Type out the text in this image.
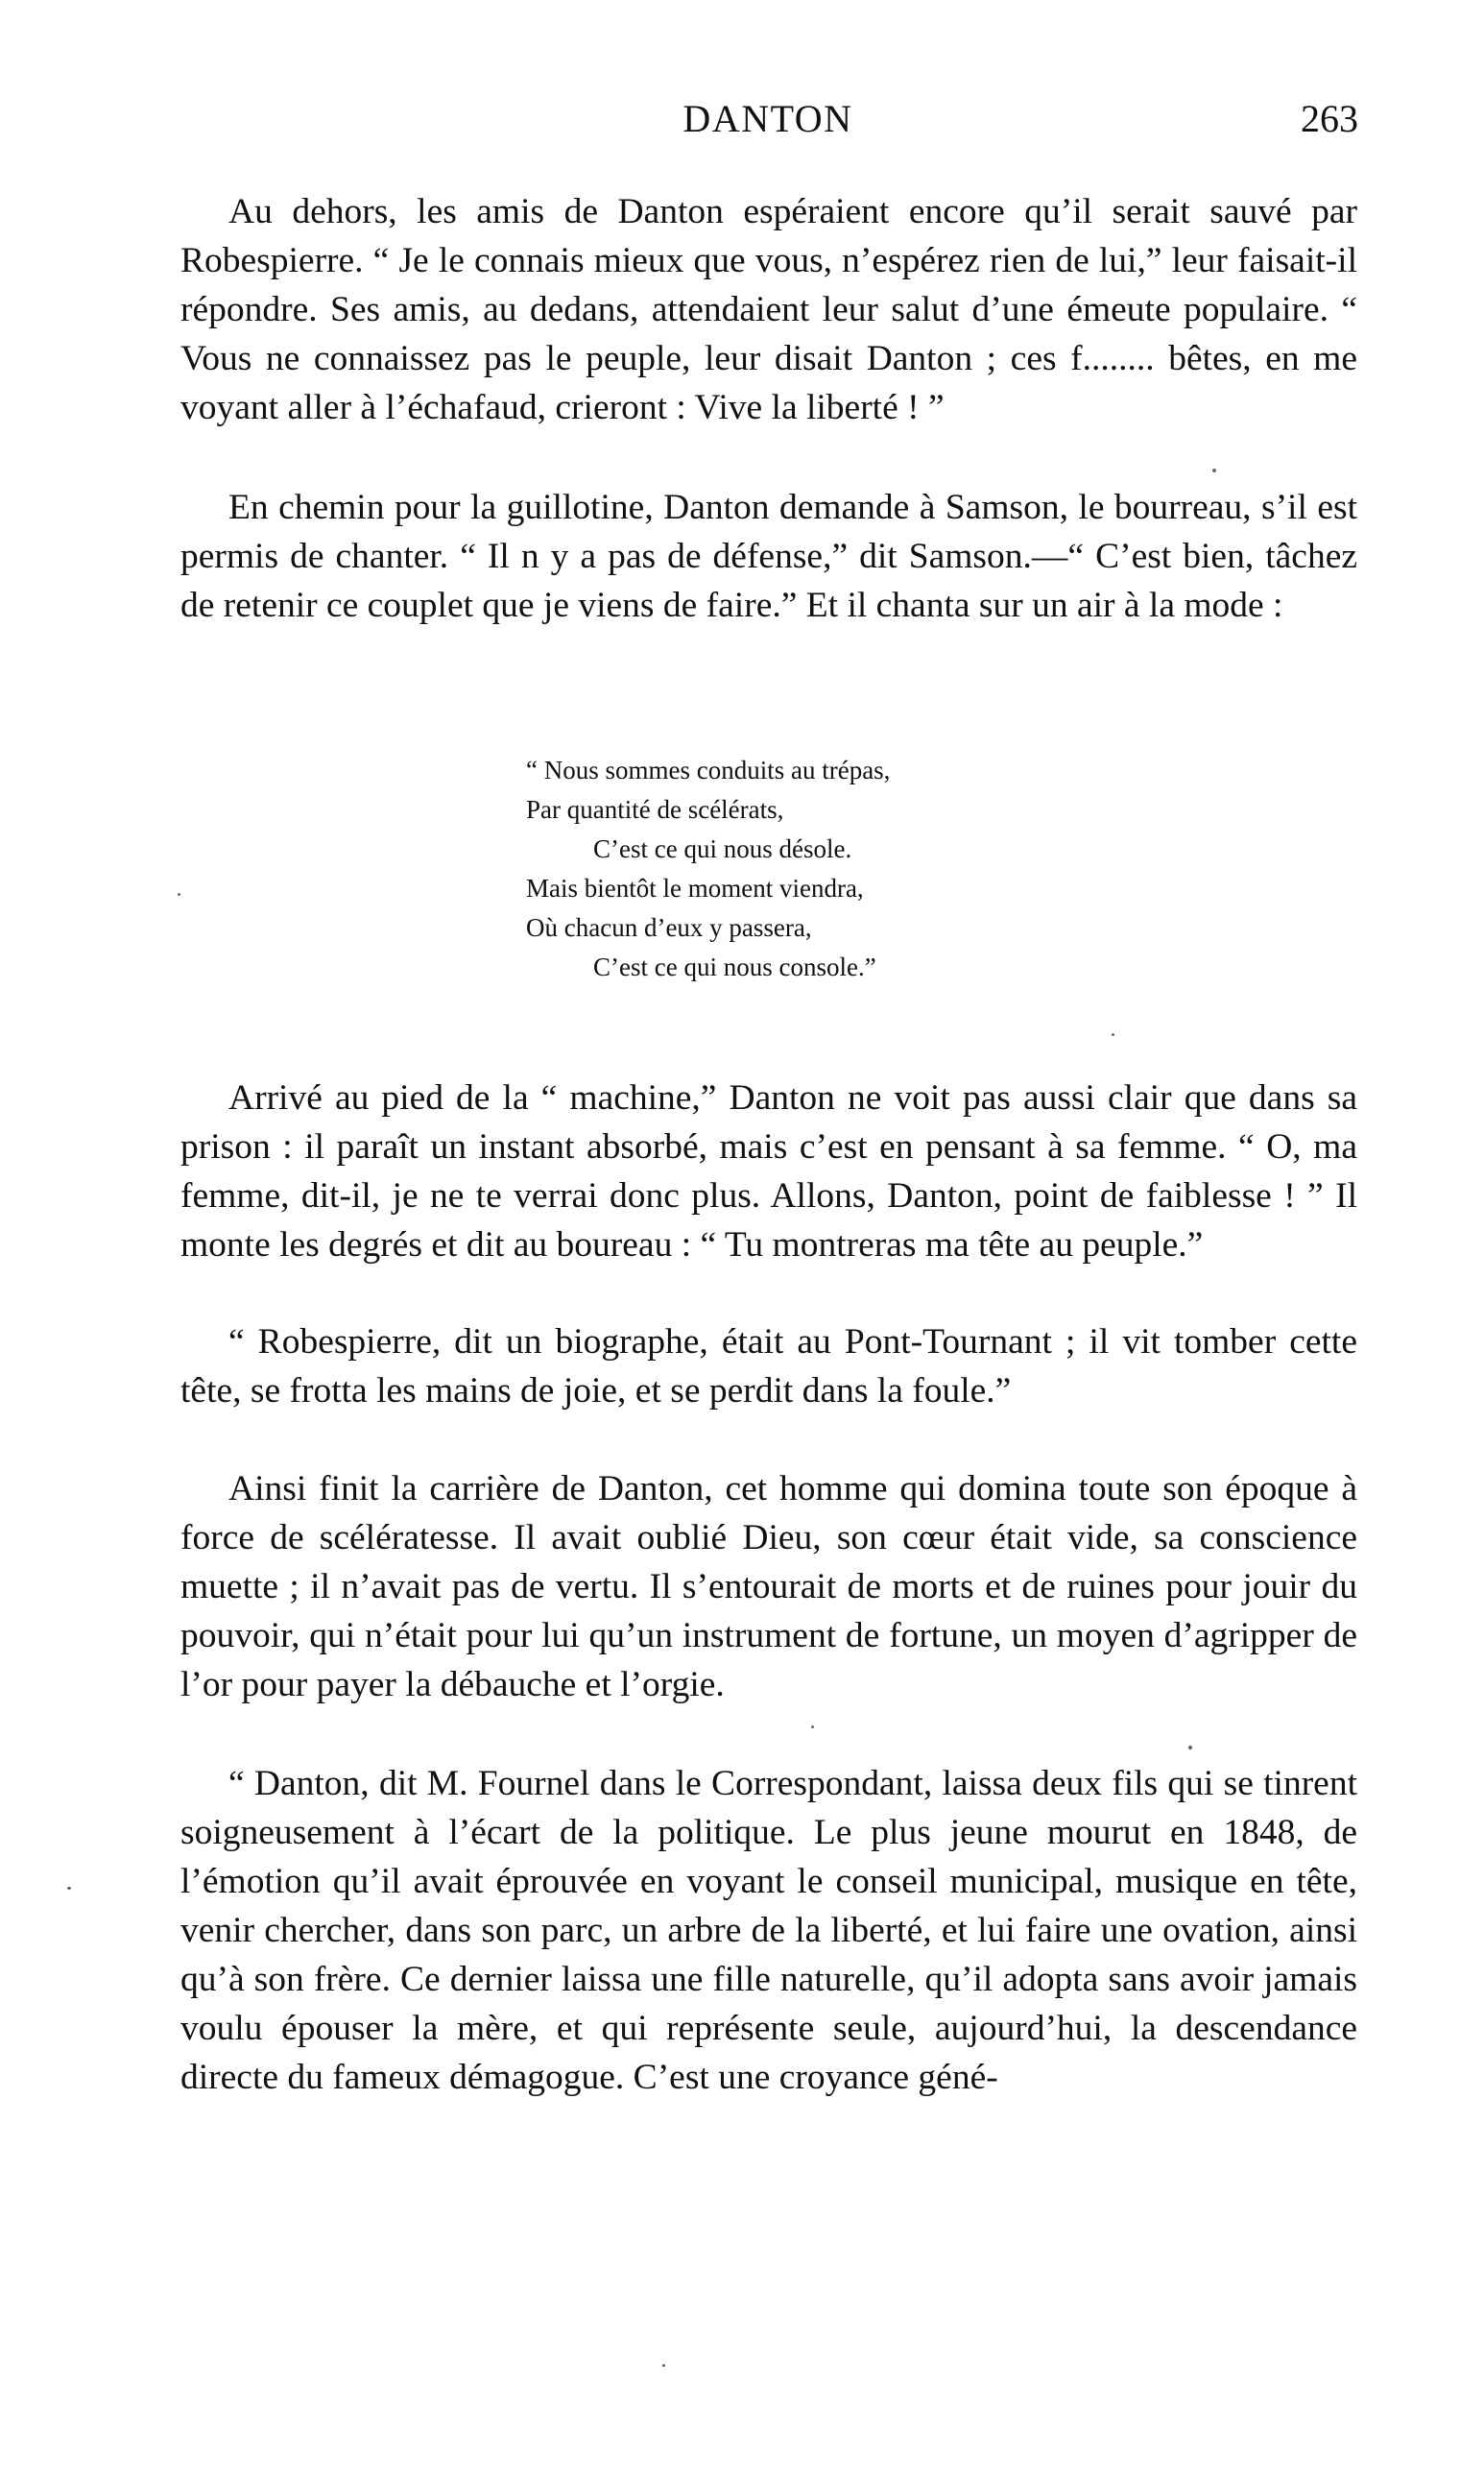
DANTON	263

Au dehors, les amis de Danton espéraient encore qu’il serait sauvé par Robespierre. “ Je le connais mieux que vous, n’espérez rien de lui,” leur faisait-il répondre. Ses amis, au dedans, attendaient leur salut d’une émeute populaire. “ Vous ne connaissez pas le peuple, leur disait Danton ; ces f........ bêtes, en me voyant aller à l’échafaud, crieront : Vive la liberté ! ”

En chemin pour la guillotine, Danton demande à Samson, le bourreau, s’il est permis de chanter. “ Il n y a pas de défense,” dit Samson.—“ C’est bien, tâchez de retenir ce couplet que je viens de faire.” Et il chanta sur un air à la mode :

“ Nous sommes conduits au trépas,
Par quantité de scélérats,
C’est ce qui nous désole.
Mais bientôt le moment viendra,
Où chacun d’eux y passera,
C’est ce qui nous console.”

Arrivé au pied de la “ machine,” Danton ne voit pas aussi clair que dans sa prison : il paraît un instant absorbé, mais c’est en pensant à sa femme. “ O, ma femme, dit-il, je ne te verrai donc plus. Allons, Danton, point de faiblesse ! ” Il monte les degrés et dit au boureau : “ Tu montreras ma tête au peuple.”

“ Robespierre, dit un biographe, était au Pont-Tournant ; il vit tomber cette tête, se frotta les mains de joie, et se perdit dans la foule.”

Ainsi finit la carrière de Danton, cet homme qui domina toute son époque à force de scélératesse. Il avait oublié Dieu, son cœur était vide, sa conscience muette ; il n’avait pas de vertu. Il s’entourait de morts et de ruines pour jouir du pouvoir, qui n’était pour lui qu’un instrument de fortune, un moyen d’agripper de l’or pour payer la débauche et l’orgie.

“ Danton, dit M. Fournel dans le Correspondant, laissa deux fils qui se tinrent soigneusement à l’écart de la politique. Le plus jeune mourut en 1848, de l’émotion qu’il avait éprouvée en voyant le conseil municipal, musique en tête, venir chercher, dans son parc, un arbre de la liberté, et lui faire une ovation, ainsi qu’à son frère. Ce dernier laissa une fille naturelle, qu’il adopta sans avoir jamais voulu épouser la mère, et qui représente seule, aujourd’hui, la descendance directe du fameux démagogue. C’est une croyance géné-
